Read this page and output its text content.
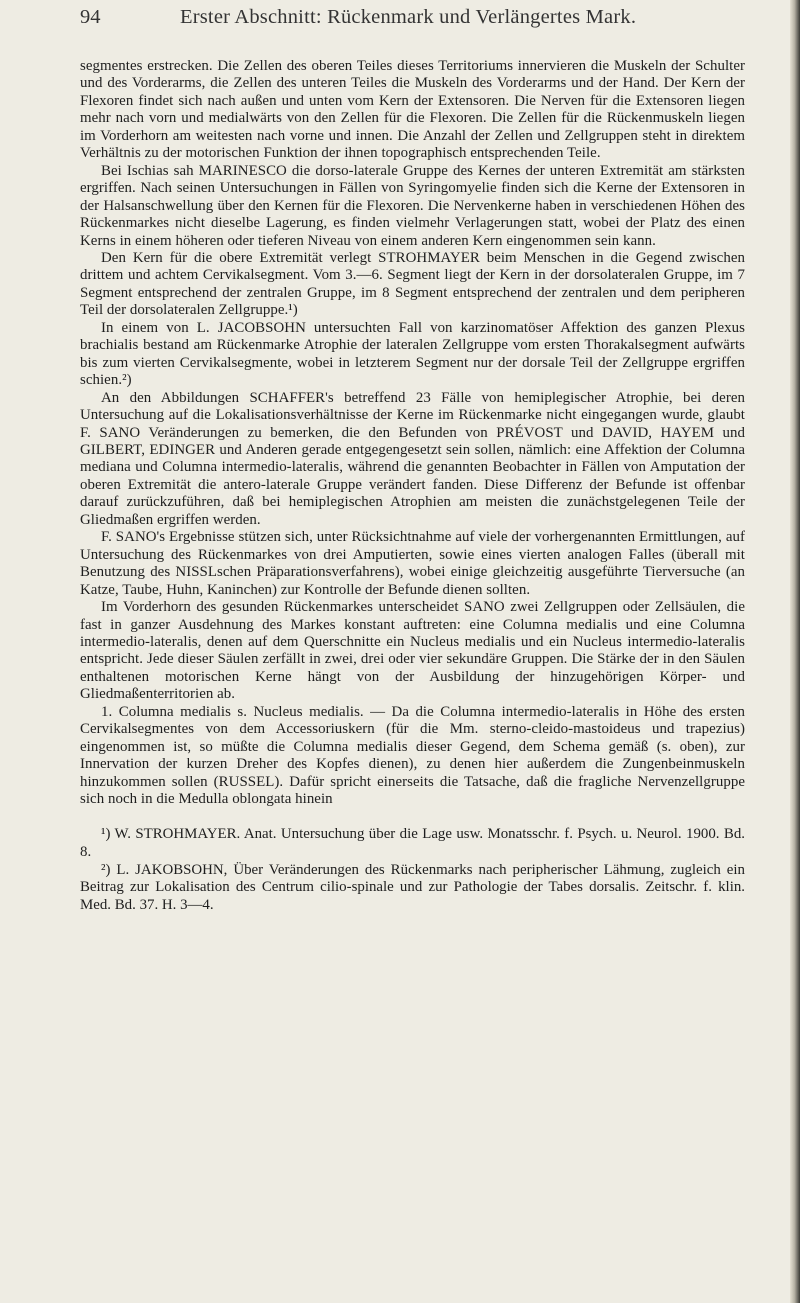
94	Erster Abschnitt: Rückenmark und Verlängertes Mark.

segmentes erstrecken. Die Zellen des oberen Teiles dieses Territoriums innervieren die Muskeln der Schulter und des Vorderarms, die Zellen des unteren Teiles die Muskeln des Vorderarms und der Hand. Der Kern der Flexoren findet sich nach außen und unten vom Kern der Extensoren. Die Nerven für die Extensoren liegen mehr nach vorn und medialwärts von den Zellen für die Flexoren. Die Zellen für die Rückenmuskeln liegen im Vorderhorn am weitesten nach vorne und innen. Die Anzahl der Zellen und Zellgruppen steht in direktem Verhältnis zu der motorischen Funktion der ihnen topographisch entsprechenden Teile.

Bei Ischias sah MARINESCO die dorso-laterale Gruppe des Kernes der unteren Extremität am stärksten ergriffen. Nach seinen Untersuchungen in Fällen von Syringomyelie finden sich die Kerne der Extensoren in der Halsanschwellung über den Kernen für die Flexoren. Die Nervenkerne haben in verschiedenen Höhen des Rückenmarkes nicht dieselbe Lagerung, es finden vielmehr Verlagerungen statt, wobei der Platz des einen Kerns in einem höheren oder tieferen Niveau von einem anderen Kern eingenommen sein kann.

Den Kern für die obere Extremität verlegt STROHMAYER beim Menschen in die Gegend zwischen drittem und achtem Cervikalsegment. Vom 3.—6. Segment liegt der Kern in der dorsolateralen Gruppe, im 7 Segment entsprechend der zentralen Gruppe, im 8 Segment entsprechend der zentralen und dem peripheren Teil der dorsolateralen Zellgruppe.¹)

In einem von L. JACOBSOHN untersuchten Fall von karzinomatöser Affektion des ganzen Plexus brachialis bestand am Rückenmarke Atrophie der lateralen Zellgruppe vom ersten Thorakalsegment aufwärts bis zum vierten Cervikalsegmente, wobei in letzterem Segment nur der dorsale Teil der Zellgruppe ergriffen schien.²)

An den Abbildungen SCHAFFER's betreffend 23 Fälle von hemiplegischer Atrophie, bei deren Untersuchung auf die Lokalisationsverhältnisse der Kerne im Rückenmarke nicht eingegangen wurde, glaubt F. SANO Veränderungen zu bemerken, die den Befunden von PRÉVOST und DAVID, HAYEM und GILBERT, EDINGER und Anderen gerade entgegengesetzt sein sollen, nämlich: eine Affektion der Columna mediana und Columna intermedio-lateralis, während die genannten Beobachter in Fällen von Amputation der oberen Extremität die antero-laterale Gruppe verändert fanden. Diese Differenz der Befunde ist offenbar darauf zurückzuführen, daß bei hemiplegischen Atrophien am meisten die zunächstgelegenen Teile der Gliedmaßen ergriffen werden.

F. SANO's Ergebnisse stützen sich, unter Rücksichtnahme auf viele der vorhergenannten Ermittlungen, auf Untersuchung des Rückenmarkes von drei Amputierten, sowie eines vierten analogen Falles (überall mit Benutzung des NISSLschen Präparationsverfahrens), wobei einige gleichzeitig ausgeführte Tierversuche (an Katze, Taube, Huhn, Kaninchen) zur Kontrolle der Befunde dienen sollten.

Im Vorderhorn des gesunden Rückenmarkes unterscheidet SANO zwei Zellgruppen oder Zellsäulen, die fast in ganzer Ausdehnung des Markes konstant auftreten: eine Columna medialis und eine Columna intermedio-lateralis, denen auf dem Querschnitte ein Nucleus medialis und ein Nucleus intermedio-lateralis entspricht. Jede dieser Säulen zerfällt in zwei, drei oder vier sekundäre Gruppen. Die Stärke der in den Säulen enthaltenen motorischen Kerne hängt von der Ausbildung der hinzugehörigen Körper- und Gliedmaßenterritorien ab.

1. Columna medialis s. Nucleus medialis. — Da die Columna intermedio-lateralis in Höhe des ersten Cervikalsegmentes von dem Accessoriuskern (für die Mm. sterno-cleido-mastoideus und trapezius) eingenommen ist, so müßte die Columna medialis dieser Gegend, dem Schema gemäß (s. oben), zur Innervation der kurzen Dreher des Kopfes dienen), zu denen hier außerdem die Zungenbeinmuskeln hinzukommen sollen (RUSSEL). Dafür spricht einerseits die Tatsache, daß die fragliche Nervenzellgruppe sich noch in die Medulla oblongata hinein

¹) W. STROHMAYER. Anat. Untersuchung über die Lage usw. Monatsschr. f. Psych. u. Neurol. 1900. Bd. 8.

²) L. JAKOBSOHN, Über Veränderungen des Rückenmarks nach peripherischer Lähmung, zugleich ein Beitrag zur Lokalisation des Centrum cilio-spinale und zur Pathologie der Tabes dorsalis. Zeitschr. f. klin. Med. Bd. 37. H. 3—4.
